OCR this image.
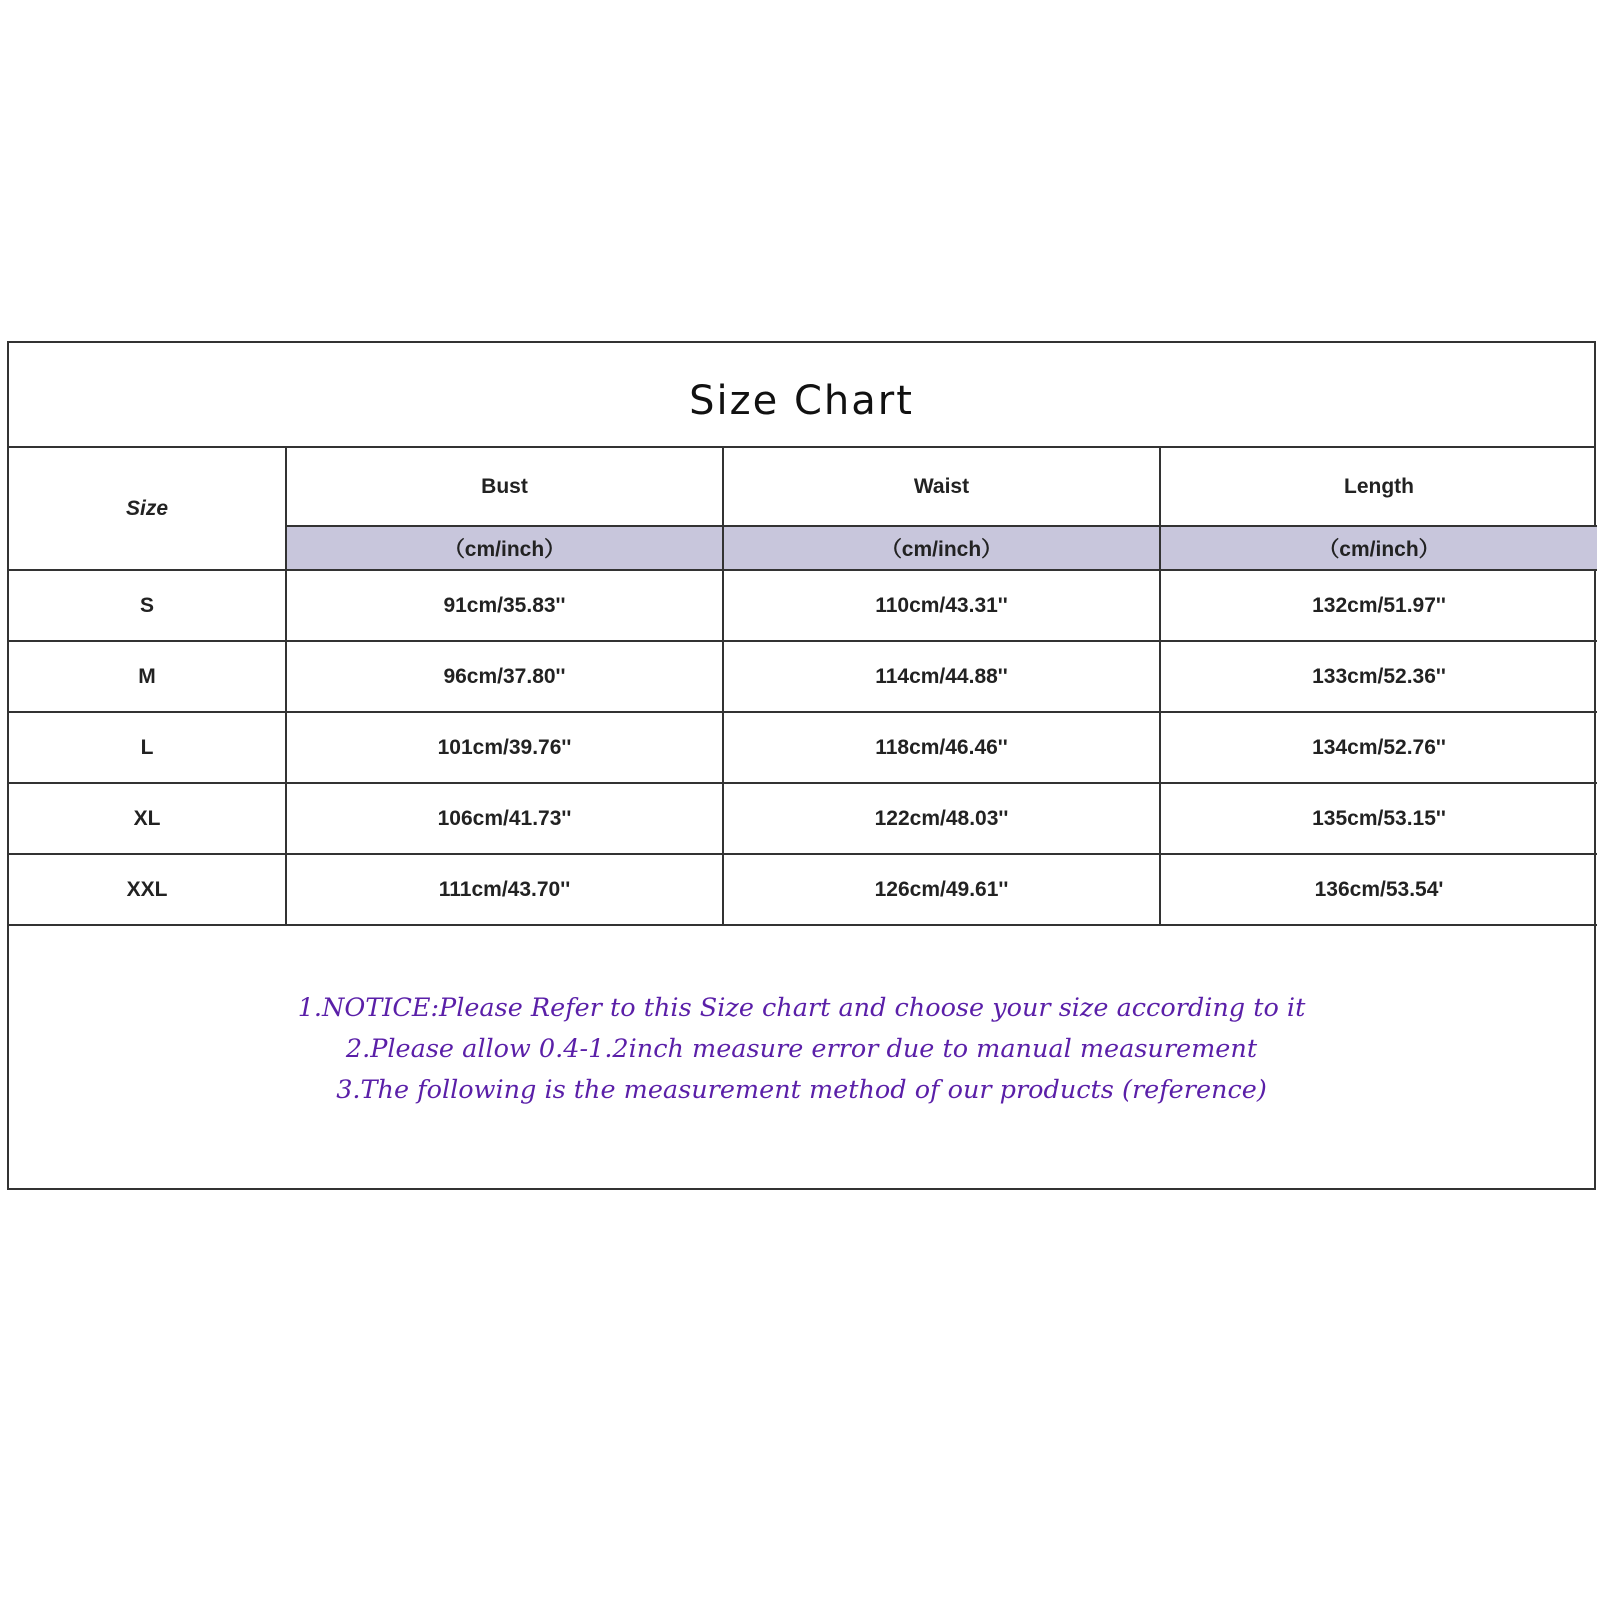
Size Chart
Size	Bust	Waist	Length
	（cm/inch）	（cm/inch）	（cm/inch）
S	91cm/35.83''	110cm/43.31''	132cm/51.97''
M	96cm/37.80''	114cm/44.88''	133cm/52.36''
L	101cm/39.76''	118cm/46.46''	134cm/52.76''
XL	106cm/41.73''	122cm/48.03''	135cm/53.15''
XXL	111cm/43.70''	126cm/49.61''	136cm/53.54'
1.NOTICE:Please Refer to this Size chart and choose your size according to it
2.Please allow 0.4-1.2inch measure error due to manual measurement
3.The following is the measurement method of our products (reference)
